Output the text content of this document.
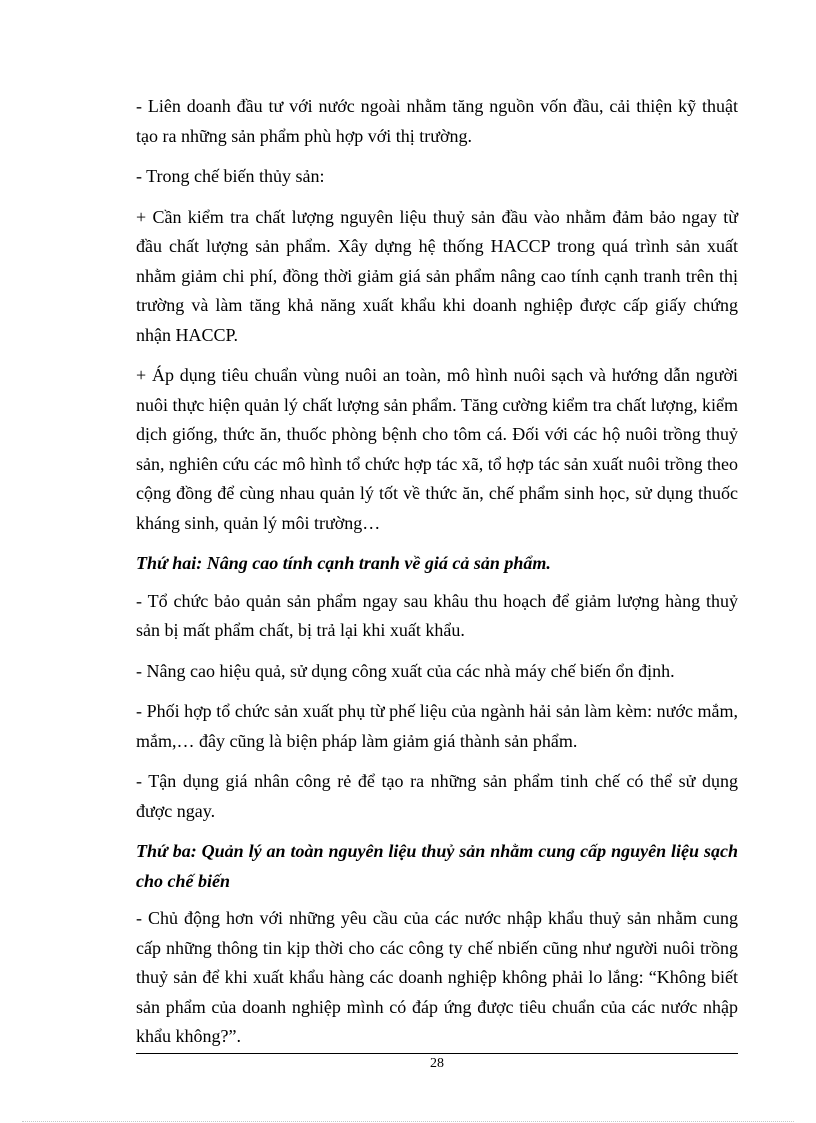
- Liên doanh đầu tư với nước ngoài nhằm tăng nguồn vốn đầu, cải thiện kỹ thuật tạo ra những sản phẩm phù hợp với thị trường.

- Trong chế biến thủy sản:

+ Cần kiểm tra chất lượng nguyên liệu thuỷ sản đầu vào nhằm đảm bảo ngay từ đầu chất lượng sản phẩm. Xây dựng hệ thống HACCP trong quá trình sản xuất nhằm giảm chi phí, đồng thời giảm giá sản phẩm nâng cao tính cạnh tranh trên thị trường và làm tăng khả năng xuất khẩu khi doanh nghiệp được cấp giấy chứng nhận HACCP.

+ Áp dụng tiêu chuẩn vùng nuôi an toàn, mô hình nuôi sạch và hướng dẫn người nuôi thực hiện quản lý chất lượng sản phẩm. Tăng cường kiểm tra chất lượng, kiểm dịch giống, thức ăn, thuốc phòng bệnh cho tôm cá. Đối với các hộ nuôi trồng thuỷ sản, nghiên cứu các mô hình tổ chức hợp tác xã, tổ hợp tác sản xuất nuôi trồng theo cộng đồng để cùng nhau quản lý tốt về thức ăn, chế phẩm sinh học, sử dụng thuốc kháng sinh, quản lý môi trường…

Thứ hai: Nâng cao tính cạnh tranh về giá cả sản phẩm.

- Tổ chức bảo quản sản phẩm ngay sau khâu thu hoạch để giảm lượng hàng thuỷ sản bị mất phẩm chất, bị trả lại khi xuất khẩu.

- Nâng cao hiệu quả, sử dụng công xuất của các nhà máy chế biến ổn định.

- Phối hợp tổ chức sản xuất phụ từ phế liệu của ngành hải sản làm kèm: nước mắm, mắm,… đây cũng là biện pháp làm giảm giá thành sản phẩm.

- Tận dụng giá nhân công rẻ để tạo ra những sản phẩm tinh chế có thể sử dụng được ngay.

Thứ ba: Quản lý an toàn nguyên liệu thuỷ sản nhằm cung cấp nguyên liệu sạch cho chế biến

- Chủ động hơn với những yêu cầu của các nước nhập khẩu thuỷ sản nhằm cung cấp những thông tin kịp thời cho các công ty chế nbiến cũng như người nuôi trồng thuỷ sản để khi xuất khẩu hàng các doanh nghiệp không phải lo lắng: “Không biết sản phẩm của doanh nghiệp mình có đáp ứng được tiêu chuẩn của các nước nhập khẩu không?”.

28
